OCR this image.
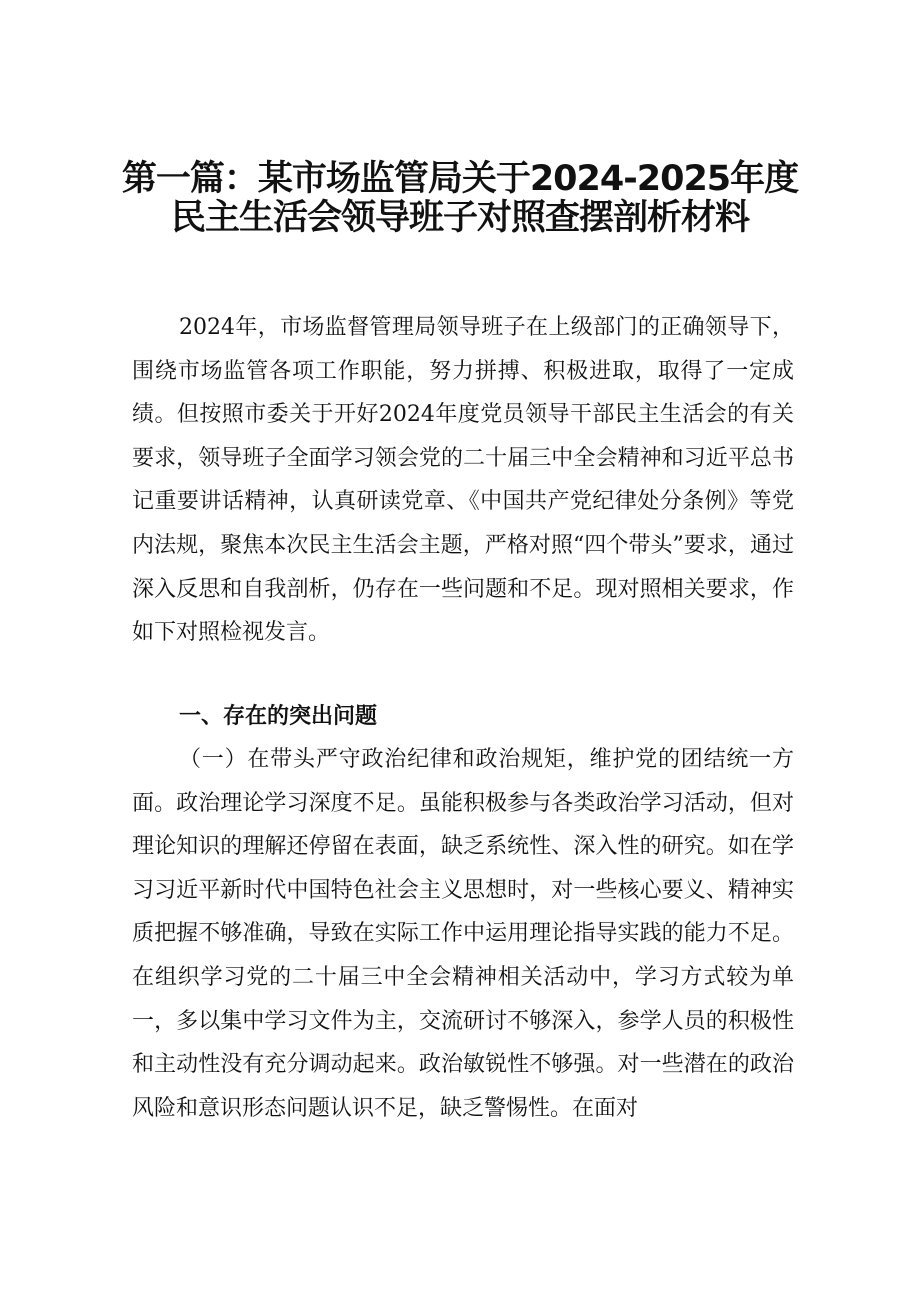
第一篇：某市场监管局关于2024-2025年度
民主生活会领导班子对照查摆剖析材料

2024年，市场监督管理局领导班子在上级部门的正确领导下，围绕市场监管各项工作职能，努力拼搏、积极进取，取得了一定成绩。但按照市委关于开好2024年度党员领导干部民主生活会的有关要求，领导班子全面学习领会党的二十届三中全会精神和习近平总书记重要讲话精神，认真研读党章、《中国共产党纪律处分条例》等党内法规，聚焦本次民主生活会主题，严格对照“四个带头”要求，通过深入反思和自我剖析，仍存在一些问题和不足。现对照相关要求，作如下对照检视发言。

一、存在的突出问题

（一）在带头严守政治纪律和政治规矩，维护党的团结统一方面。政治理论学习深度不足。虽能积极参与各类政治学习活动，但对理论知识的理解还停留在表面，缺乏系统性、深入性的研究。如在学习习近平新时代中国特色社会主义思想时，对一些核心要义、精神实质把握不够准确，导致在实际工作中运用理论指导实践的能力不足。在组织学习党的二十届三中全会精神相关活动中，学习方式较为单一，多以集中学习文件为主，交流研讨不够深入，参学人员的积极性和主动性没有充分调动起来。政治敏锐性不够强。对一些潜在的政治风险和意识形态问题认识不足，缺乏警惕性。在面对
